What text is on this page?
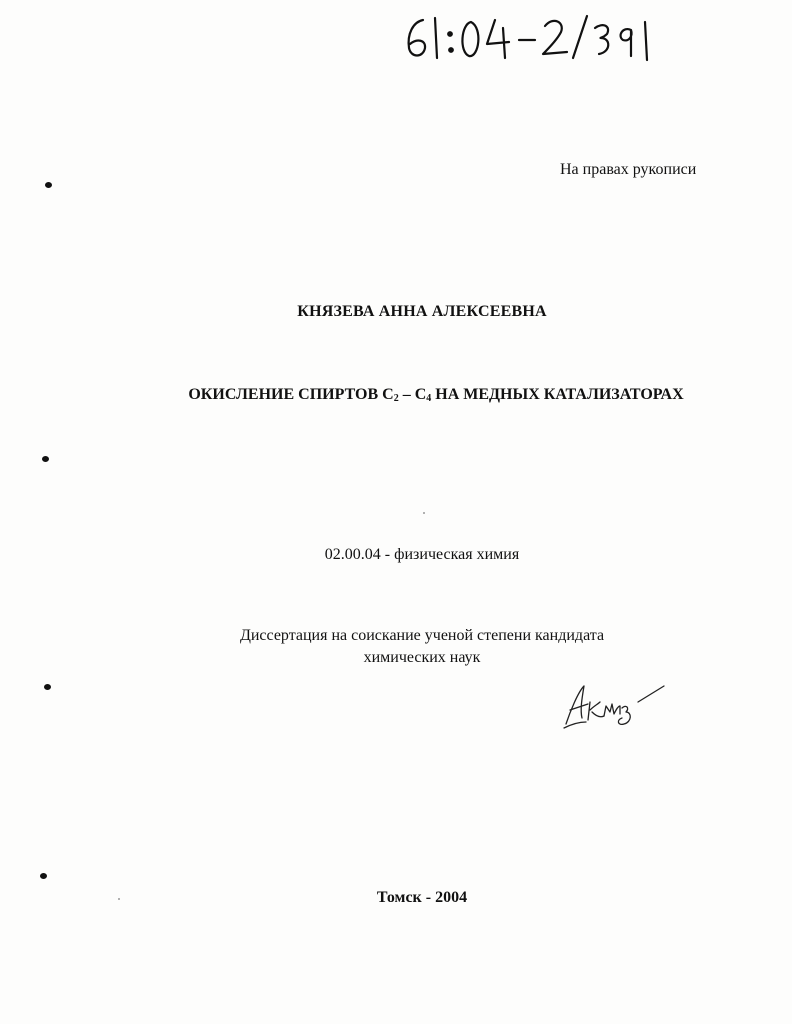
На правах рукописи
КНЯЗЕВА АННА АЛЕКСЕЕВНА
ОКИСЛЕНИЕ СПИРТОВ $С_2 - С_4$ НА МЕДНЫХ КАТАЛИЗАТОРАХ
02.00.04 - физическая химия
Диссертация на соискание ученой степени кандидата
химических наук
Томск - 2004
